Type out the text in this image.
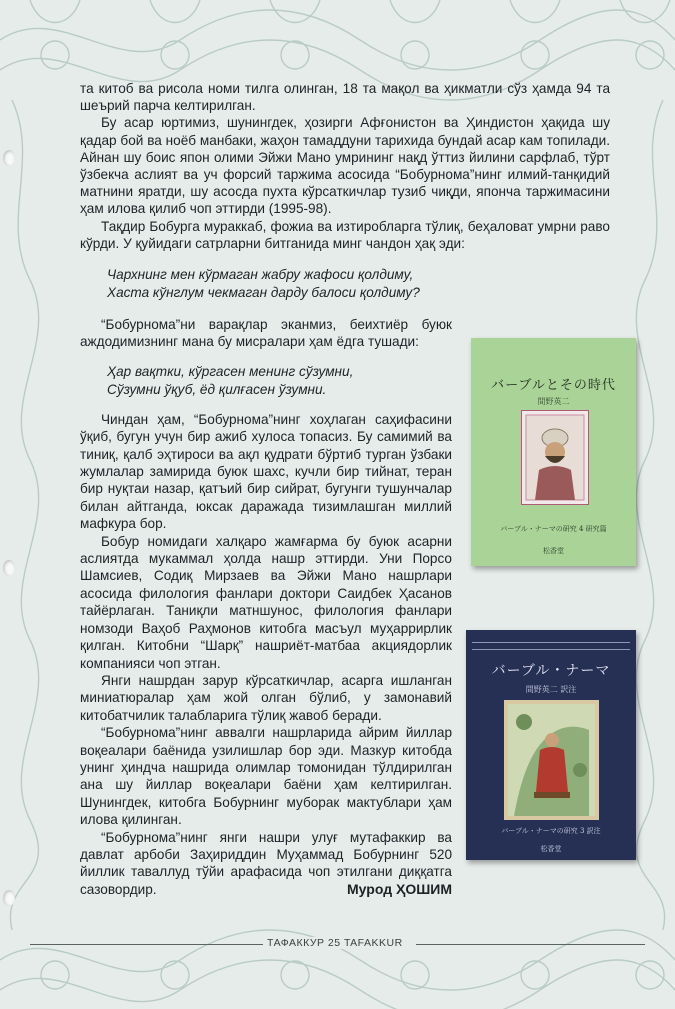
та китоб ва рисола номи тилга олинган, 18 та мақол ва ҳикматли сўз ҳамда 94 та шеърий парча келтирилган.

Бу асар юртимиз, шунингдек, ҳозирги Афғонистон ва Ҳиндистон ҳақида шу қадар бой ва ноёб манбаки, жаҳон тамаддуни тарихида бундай асар кам топилади. Айнан шу боис япон олими Эйжи Мано умрининг нақд ўттиз йилини сарфлаб, тўрт ўзбекча аслият ва уч форсий таржима асосида “Бобурнома”нинг илмий-танқидий матнини яратди, шу асосда пухта кўрсаткичлар тузиб чиқди, японча таржимасини ҳам илова қилиб чоп эттирди (1995-98).

Тақдир Бобурга мураккаб, фожиа ва изтиробларга тўлиқ, беҳаловат умрни раво кўрди. У қуйидаги сатрларни битганида минг чандон ҳақ эди:

Чархнинг мен кўрмаган жабру жафоси қолдиму,
Хаста кўнглум чекмаган дарду балоси қолдиму?

“Бобурнома”ни варақлар эканмиз, беихтиёр буюк аждодимизнинг мана бу мисралари ҳам ёдга тушади:

Ҳар вақтки, кўргасен менинг сўзумни,
Сўзумни ўқуб, ёд қилғасен ўзумни.

Чиндан ҳам, “Бобурнома”нинг хоҳлаган саҳифасини ўқиб, бугун учун бир ажиб хулоса топасиз. Бу самимий ва тиниқ, қалб эҳтироси ва ақл қудрати бўртиб турган ўзбаки жумлалар замирида буюк шахс, кучли бир тийнат, теран бир нуқтаи назар, қатъий бир сийрат, бугунги тушунчалар билан айтганда, юксак даражада тизимлашган миллий мафкура бор.

Бобур номидаги халқаро жамғарма бу буюк асарни аслиятда мукаммал ҳолда нашр эттирди. Уни Порсо Шамсиев, Содиқ Мирзаев ва Эйжи Мано нашрлари асосида филология фанлари доктори Саидбек Ҳасанов тайёрлаган. Таниқли матншунос, филология фанлари номзоди Ваҳоб Раҳмонов китобга масъул муҳаррирлик қилган. Китобни “Шарқ” нашриёт-матбаа акциядорлик компанияси чоп этган.

Янги нашрдан зарур кўрсаткичлар, асарга ишланган миниатюралар ҳам жой олган бўлиб, у замонавий китобатчилик талабларига тўлиқ жавоб беради.

“Бобурнома”нинг аввалги нашрларида айрим йиллар воқеалари баёнида узилишлар бор эди. Мазкур китобда унинг ҳиндча нашрида олимлар томонидан тўлдирилган ана шу йиллар воқеалари баёни ҳам келтирилган. Шунингдек, китобга Бобурнинг муборак мактублари ҳам илова қилинган.

“Бобурнома”нинг янги нашри улуғ мутафаккир ва давлат арбоби Заҳириддин Муҳаммад Бобурнинг 520 йиллик таваллуд тўйи арафасида чоп этилгани диққатга сазовордир.

バーブルとその時代
間野英二
バーブル・ナーマの研究 4 研究篇
松香堂
バーブル・ナーマ
間野英二 訳注
バーブル・ナーマの研究 3 訳注
松香堂
Мурод ҲОШИМ
ТАФАККУР 25 TAFAKKUR
